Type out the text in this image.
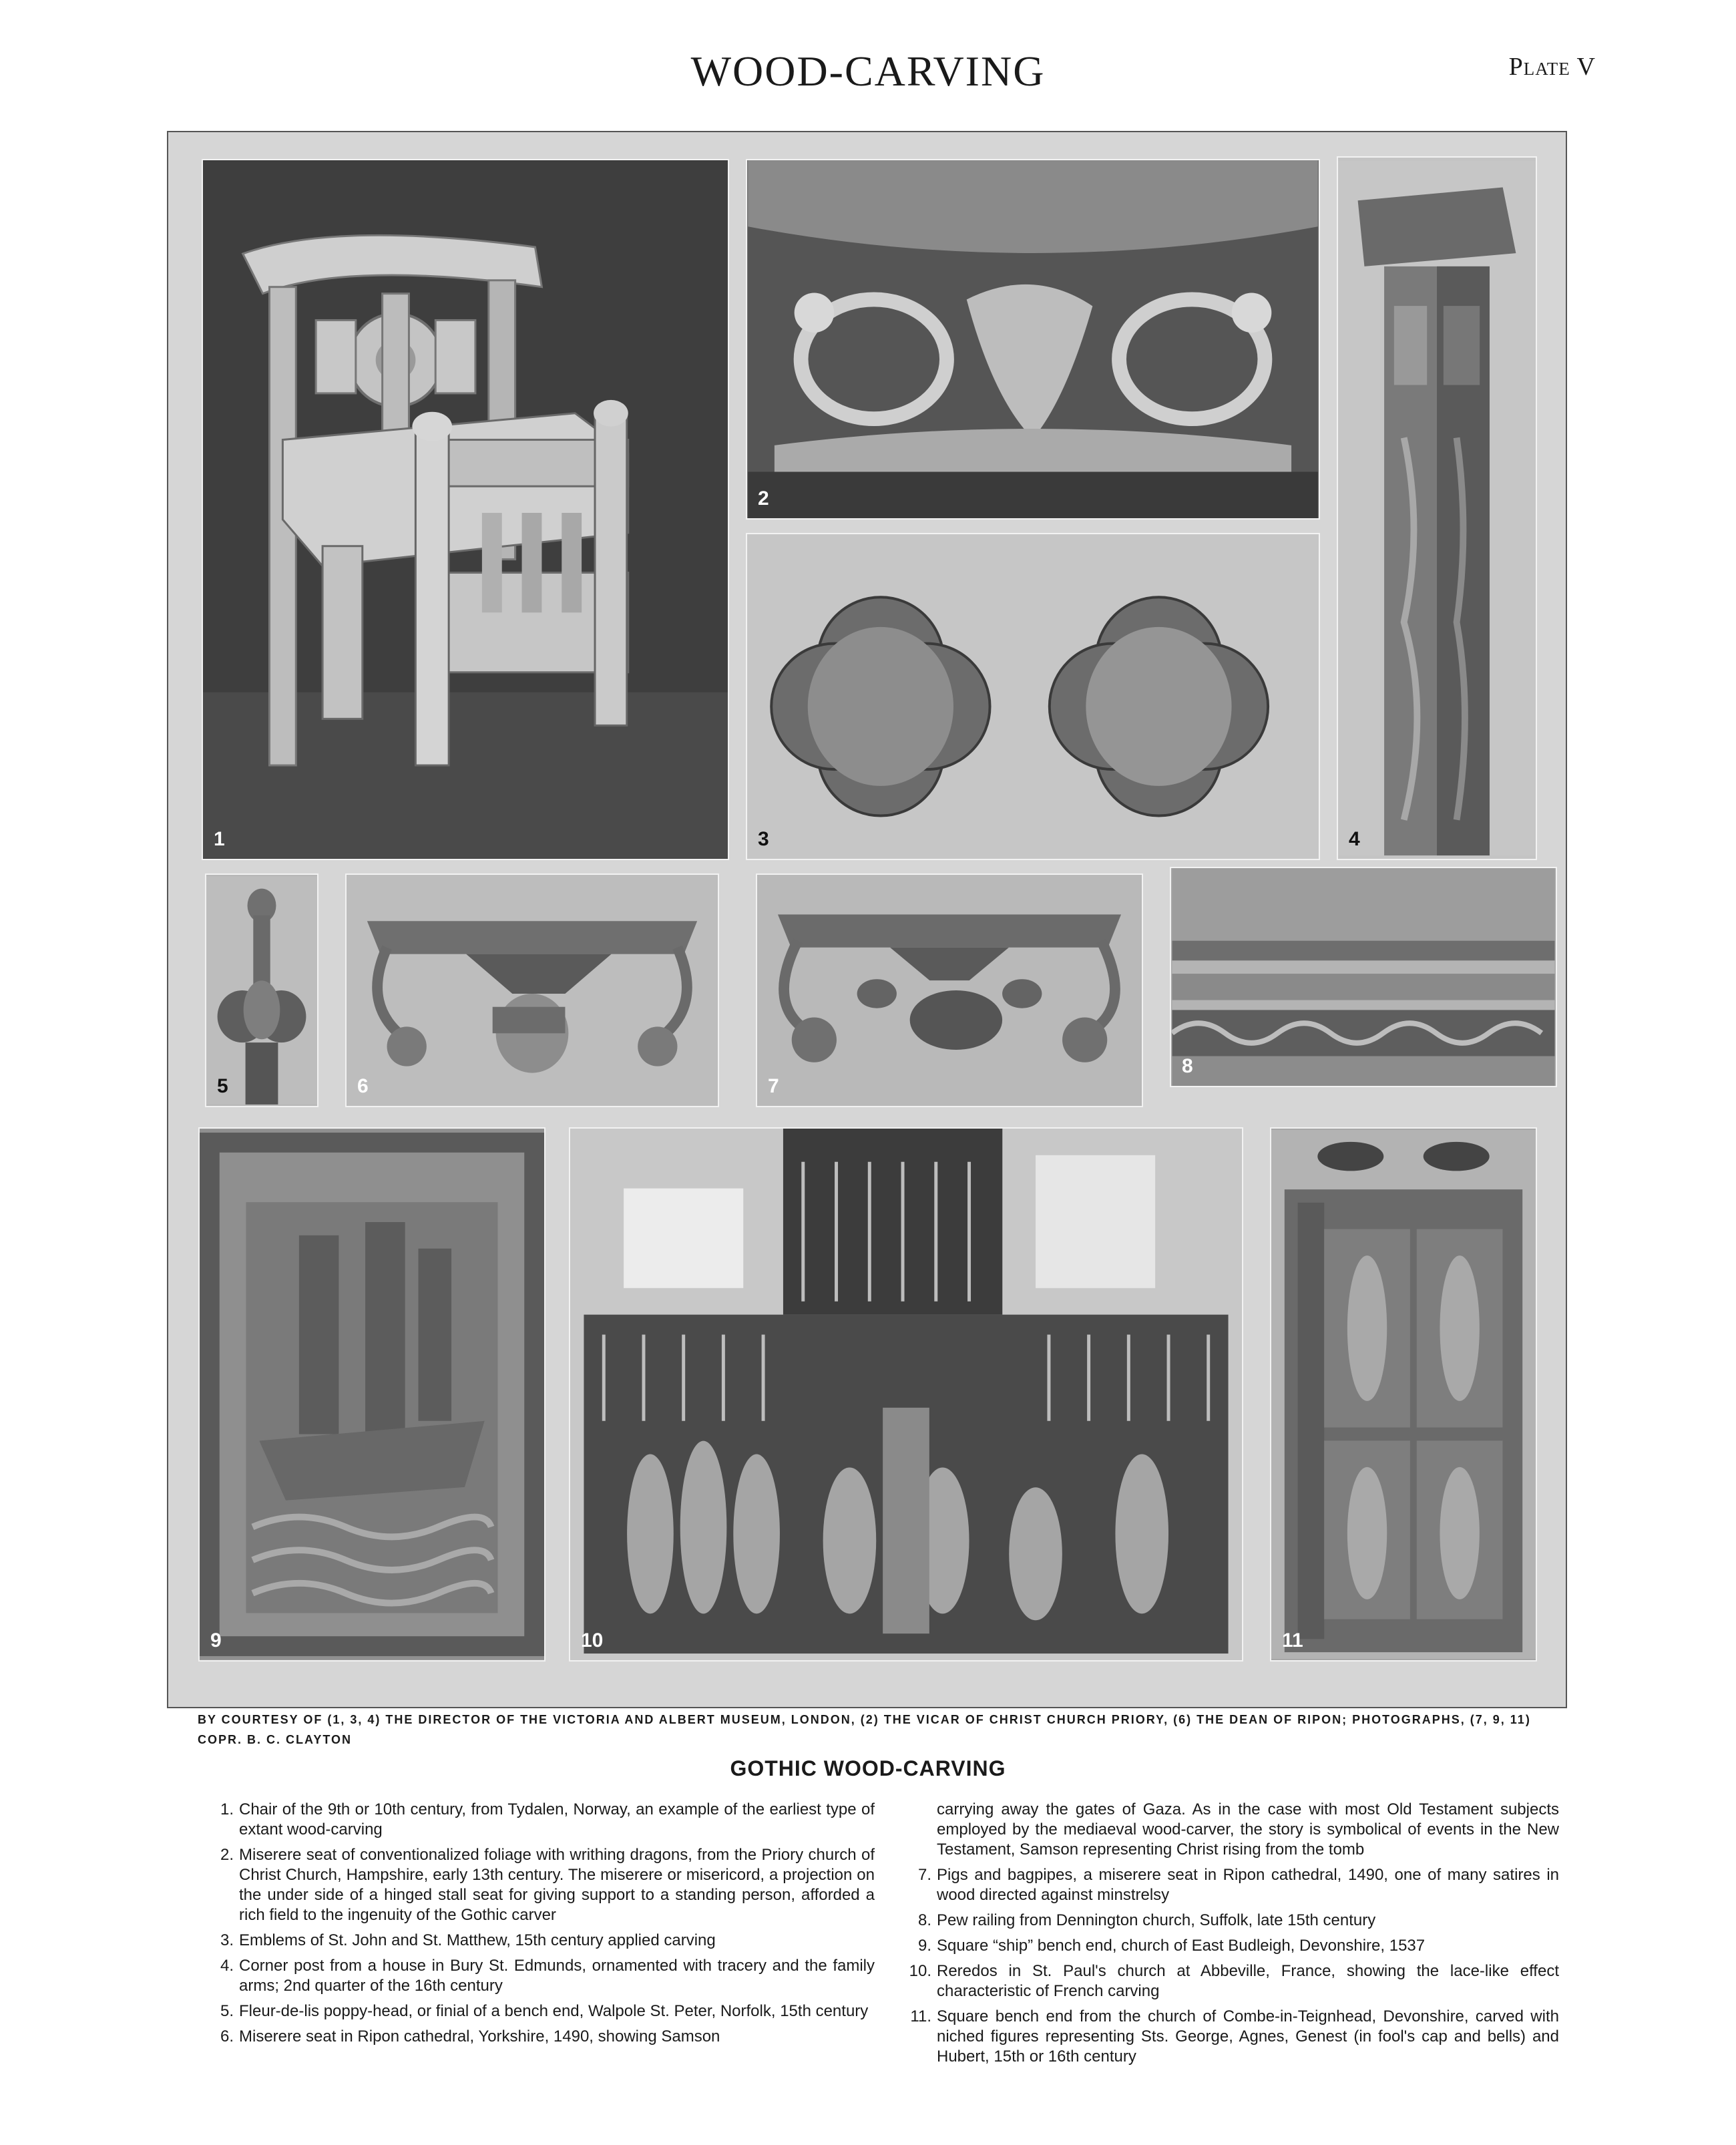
WOOD-CARVING	Plate V
1
2
3	4
5	6	7
8
9	10	11
BY COURTESY OF (1, 3, 4) THE DIRECTOR OF THE VICTORIA AND ALBERT MUSEUM, LONDON, (2) THE VICAR OF CHRIST CHURCH PRIORY, (6) THE DEAN OF RIPON; PHOTOGRAPHS, (7, 9, 11) COPR. B. C. CLAYTON
GOTHIC WOOD-CARVING
1. Chair of the 9th or 10th century, from Tydalen, Norway, an example of the earliest type of extant wood-carving
2. Miserere seat of conventionalized foliage with writhing dragons, from the Priory church of Christ Church, Hampshire, early 13th century. The miserere or misericord, a projection on the under side of a hinged stall seat for giving support to a standing person, afforded a rich field to the ingenuity of the Gothic carver
3. Emblems of St. John and St. Matthew, 15th century applied carving
4. Corner post from a house in Bury St. Edmunds, ornamented with tracery and the family arms; 2nd quarter of the 16th century
5. Fleur-de-lis poppy-head, or finial of a bench end, Walpole St. Peter, Norfolk, 15th century
6. Miserere seat in Ripon cathedral, Yorkshire, 1490, showing Samson
carrying away the gates of Gaza. As in the case with most Old Testament subjects employed by the mediaeval wood-carver, the story is symbolical of events in the New Testament, Samson representing Christ rising from the tomb
7. Pigs and bagpipes, a miserere seat in Ripon cathedral, 1490, one of many satires in wood directed against minstrelsy
8. Pew railing from Dennington church, Suffolk, late 15th century
9. Square “ship” bench end, church of East Budleigh, Devonshire, 1537
10. Reredos in St. Paul's church at Abbeville, France, showing the lace-like effect characteristic of French carving
11. Square bench end from the church of Combe-in-Teignhead, Devonshire, carved with niched figures representing Sts. George, Agnes, Genest (in fool's cap and bells) and Hubert, 15th or 16th century
